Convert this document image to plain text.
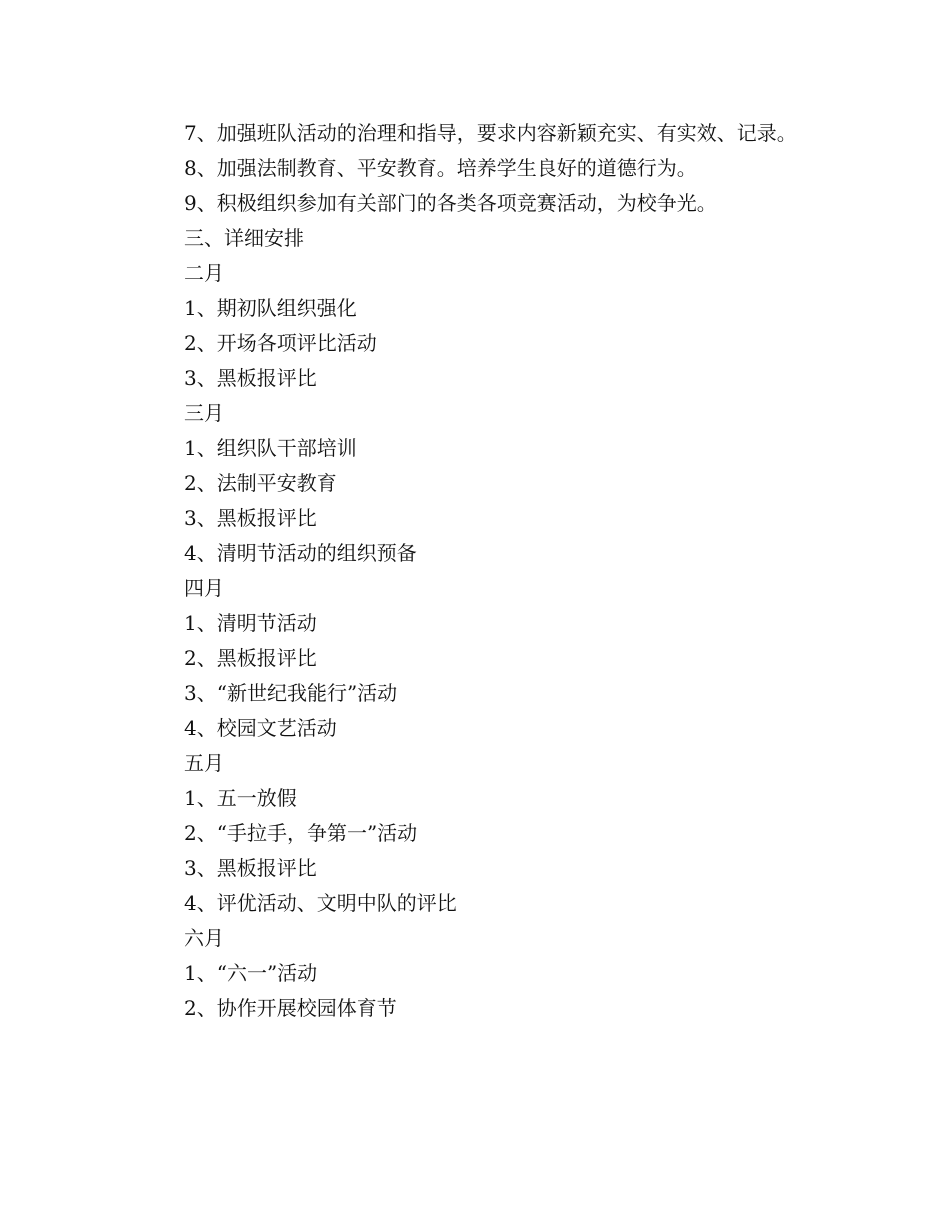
7、加强班队活动的治理和指导，要求内容新颖充实、有实效、记录。

8、加强法制教育、平安教育。培养学生良好的道德行为。

9、积极组织参加有关部门的各类各项竞赛活动，为校争光。

三、详细安排

二月

1、期初队组织强化

2、开场各项评比活动

3、黑板报评比

三月

1、组织队干部培训

2、法制平安教育

3、黑板报评比

4、清明节活动的组织预备

四月

1、清明节活动

2、黑板报评比

3、“新世纪我能行”活动

4、校园文艺活动

五月

1、五一放假

2、“手拉手，争第一”活动

3、黑板报评比

4、评优活动、文明中队的评比

六月

1、“六一”活动

2、协作开展校园体育节
